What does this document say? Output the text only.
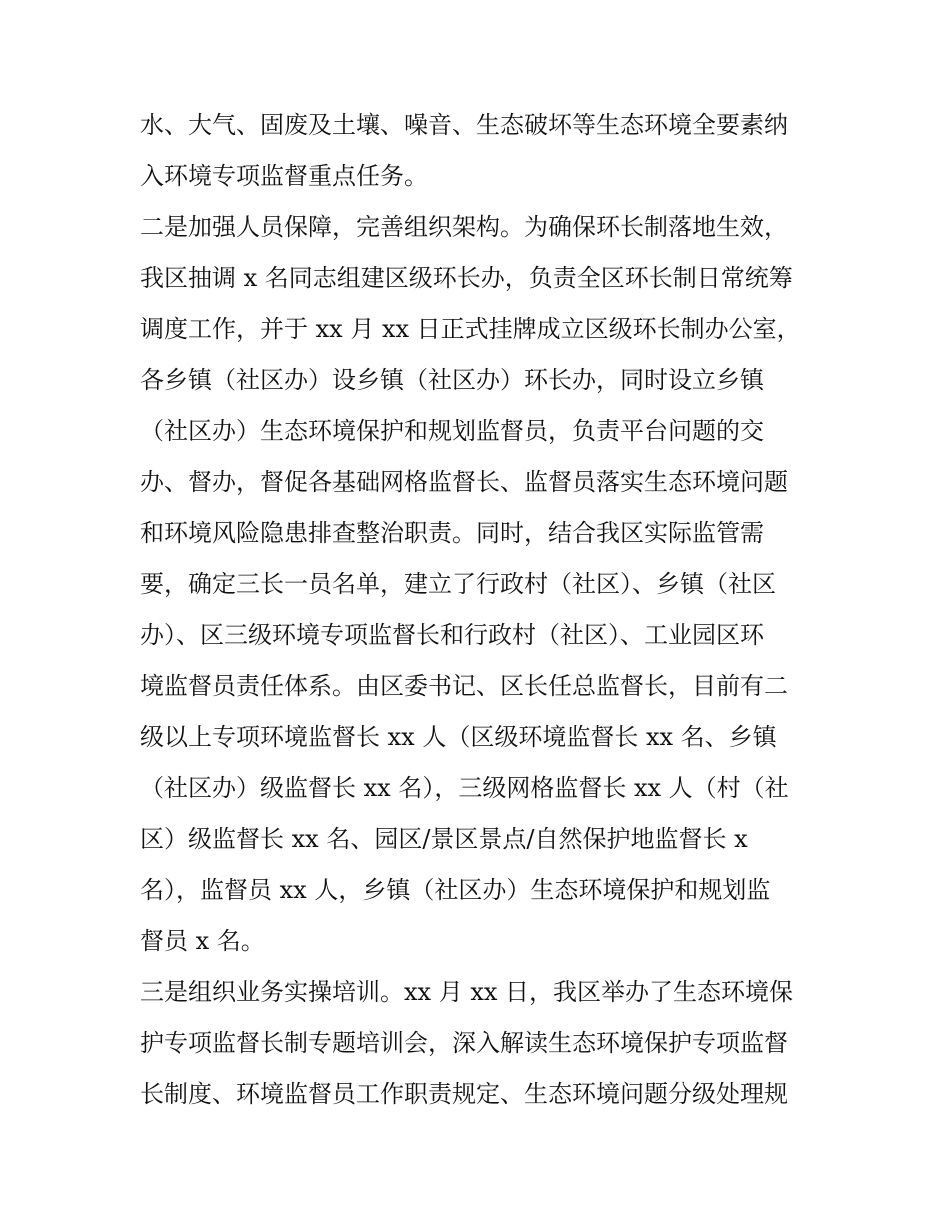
水、大气、固废及土壤、噪音、生态破坏等生态环境全要素纳
入环境专项监督重点任务。
二是加强人员保障，完善组织架构。为确保环长制落地生效，
我区抽调 x 名同志组建区级环长办，负责全区环长制日常统筹
调度工作，并于 xx 月 xx 日正式挂牌成立区级环长制办公室，
各乡镇（社区办）设乡镇（社区办）环长办，同时设立乡镇
（社区办）生态环境保护和规划监督员，负责平台问题的交
办、督办，督促各基础网格监督长、监督员落实生态环境问题
和环境风险隐患排查整治职责。同时，结合我区实际监管需
要，确定三长一员名单，建立了行政村（社区）、乡镇（社区
办）、区三级环境专项监督长和行政村（社区）、工业园区环
境监督员责任体系。由区委书记、区长任总监督长，目前有二
级以上专项环境监督长 xx 人（区级环境监督长 xx 名、乡镇
（社区办）级监督长 xx 名），三级网格监督长 xx 人（村（社
区）级监督长 xx 名、园区/景区景点/自然保护地监督长 x
名），监督员 xx 人，乡镇（社区办）生态环境保护和规划监
督员 x 名。
三是组织业务实操培训。xx 月 xx 日，我区举办了生态环境保
护专项监督长制专题培训会，深入解读生态环境保护专项监督
长制度、环境监督员工作职责规定、生态环境问题分级处理规
